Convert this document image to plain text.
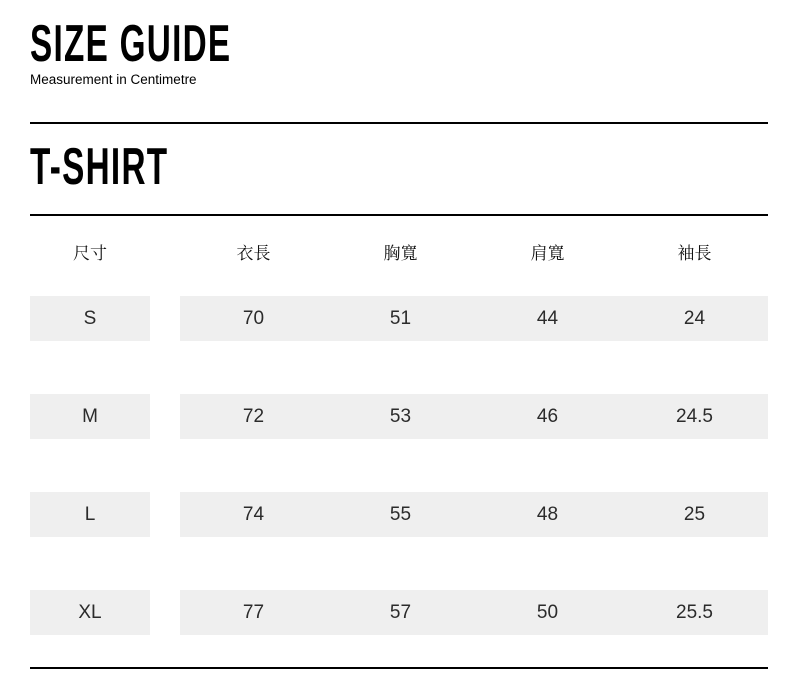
SIZE GUIDE
Measurement in Centimetre
T-SHIRT
尺寸	衣長	胸寬	肩寬	袖長
S	70	51	44	24
M	72	53	46	24.5
L	74	55	48	25
XL	77	57	50	25.5
